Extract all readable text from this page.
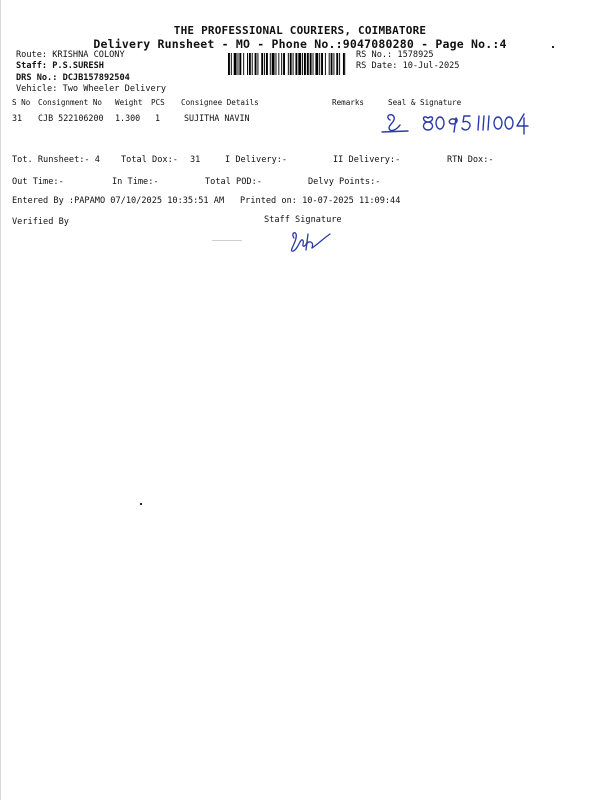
THE PROFESSIONAL COURIERS, COIMBATORE
Delivery Runsheet - MO - Phone No.:9047080280 - Page No.:4
Route: KRISHNA COLONY
Staff: P.S.SURESH
DRS No.: DCJB157892504
Vehicle: Two Wheeler Delivery
RS No.: 1578925
RS Date: 10-Jul-2025
S No Consignment No Weight PCS Consignee Details	Remarks	Seal & Signature
31 CJB 522106200 1.300 1	SUJITHA NAVIN
Tot. Runsheet:- 4 Total Dox:- 31	I Delivery:-	II Delivery:-	RTN Dox:-
Out Time:-	In Time:-	Total POD:-	Delvy Points:-
Entered By :PAPAMO 07/10/2025 10:35:51 AM Printed on: 10-07-2025 11:09:44
Verified By	Staff Signature
